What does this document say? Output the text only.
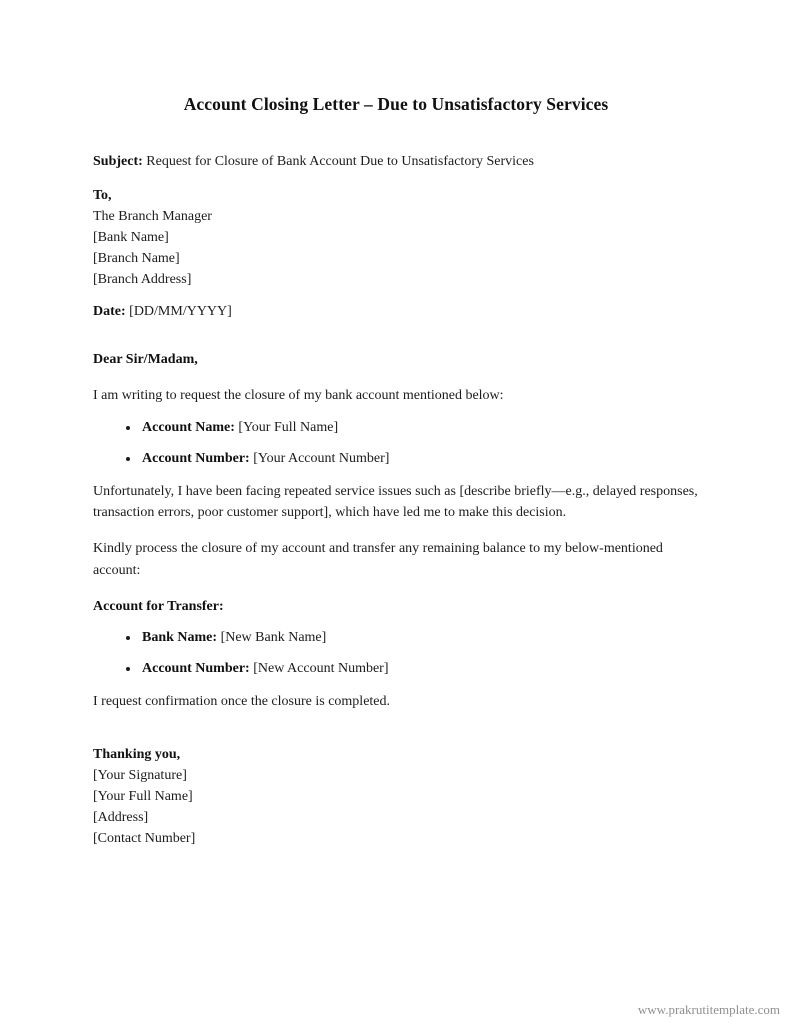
Account Closing Letter – Due to Unsatisfactory Services

Subject: Request for Closure of Bank Account Due to Unsatisfactory Services

To,
The Branch Manager
[Bank Name]
[Branch Name]
[Branch Address]

Date: [DD/MM/YYYY]

Dear Sir/Madam,

I am writing to request the closure of my bank account mentioned below:

• Account Name: [Your Full Name]
• Account Number: [Your Account Number]

Unfortunately, I have been facing repeated service issues such as [describe briefly—e.g., delayed responses, transaction errors, poor customer support], which have led me to make this decision.

Kindly process the closure of my account and transfer any remaining balance to my below-mentioned account:

Account for Transfer:

• Bank Name: [New Bank Name]
• Account Number: [New Account Number]

I request confirmation once the closure is completed.

Thanking you,
[Your Signature]
[Your Full Name]
[Address]
[Contact Number]
www.prakrutitemplate.com
